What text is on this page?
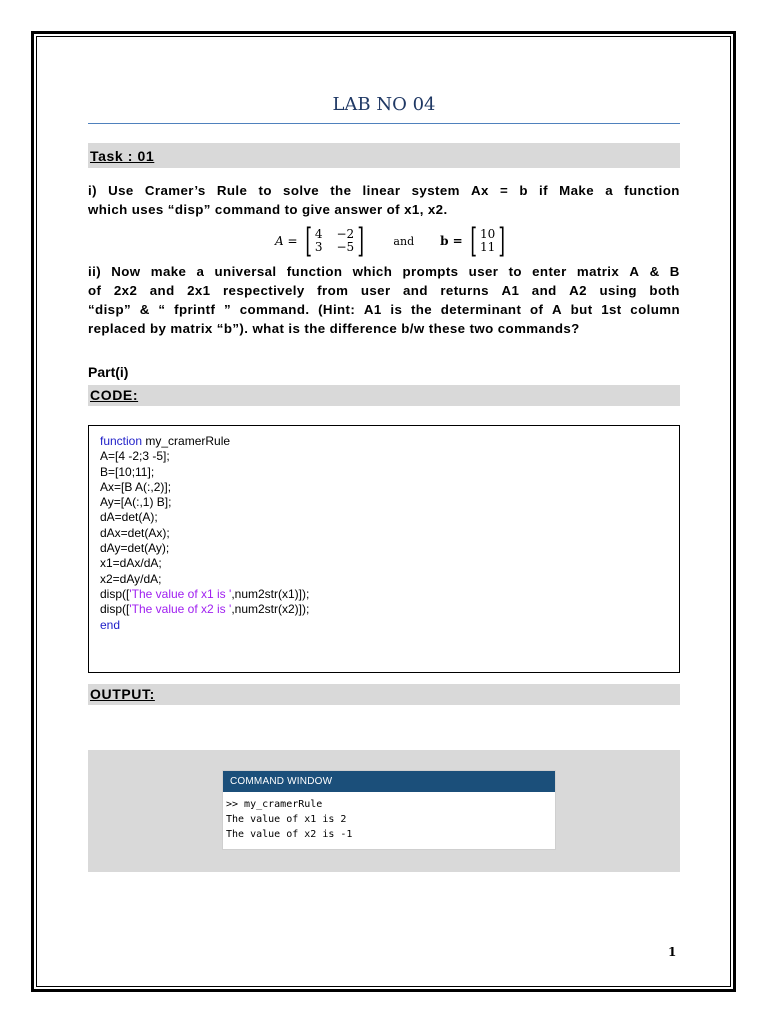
LAB NO 04
Task : 01
i) Use Cramer’s Rule to solve the linear system Ax = b if Make a function
which uses “disp” command to give answer of x1, x2.
A = [ 4 −2
3 −5 ]	and b = [ 10
11 ]
ii) Now make a universal function which prompts user to enter matrix A & B
of 2x2 and 2x1 respectively from user and returns A1 and A2 using both
“disp” & “ fprintf ” command. (Hint: A1 is the determinant of A but 1st column
replaced by matrix “b”). what is the difference b/w these two commands?
Part(i)
CODE:
function my_cramerRule
A=[4 -2;3 -5];
B=[10;11];
Ax=[B A(:,2)];
Ay=[A(:,1) B];
dA=det(A);
dAx=det(Ax);
dAy=det(Ay);
x1=dAx/dA;
x2=dAy/dA;
disp(['The value of x1 is ',num2str(x1)]);
disp(['The value of x2 is ',num2str(x2)]);
end
OUTPUT:
COMMAND WINDOW
>> my_cramerRule
The value of x1 is 2
The value of x2 is -1
1
